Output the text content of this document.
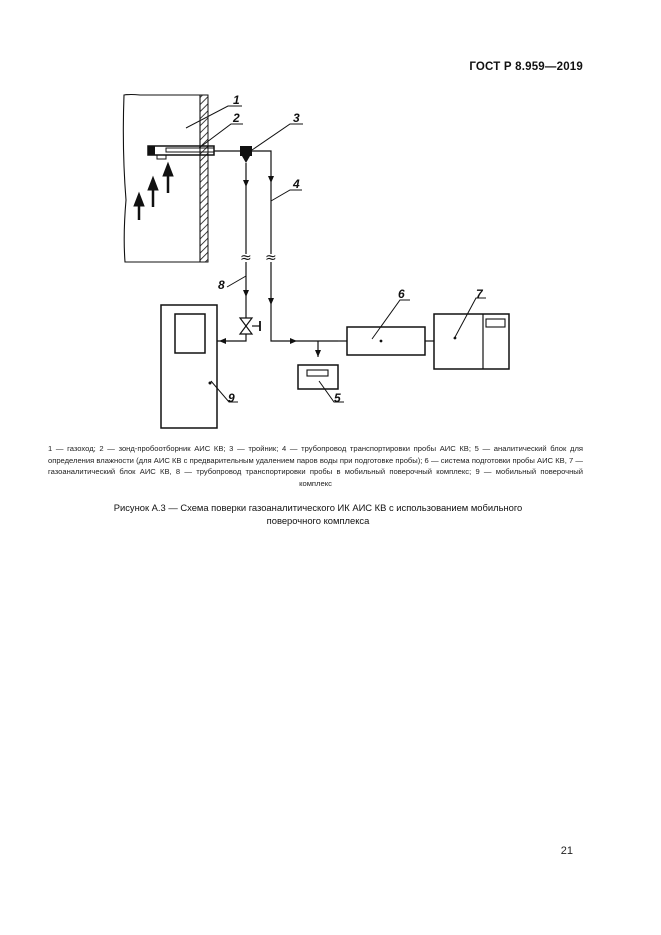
ГОСТ Р 8.959—2019
≈ ≈
1
2	3
4
5
6	7
8
9
1 — газоход; 2 — зонд-пробоотборник АИС КВ; 3 — тройник; 4 — трубопровод транспортировки пробы АИС КВ; 5 — аналитический блок для определения влажности (для АИС КВ с предварительным удалением паров воды при подготовке пробы); 6 — система подготовки пробы АИС КВ, 7 — газоаналитический блок АИС КВ, 8 — трубопровод транспортировки пробы в мобильный поверочный комплекс; 9 — мобильный поверочный комплекс
Рисунок А.3 — Схема поверки газоаналитического ИК АИС КВ с использованием мобильного поверочного комплекса
21
